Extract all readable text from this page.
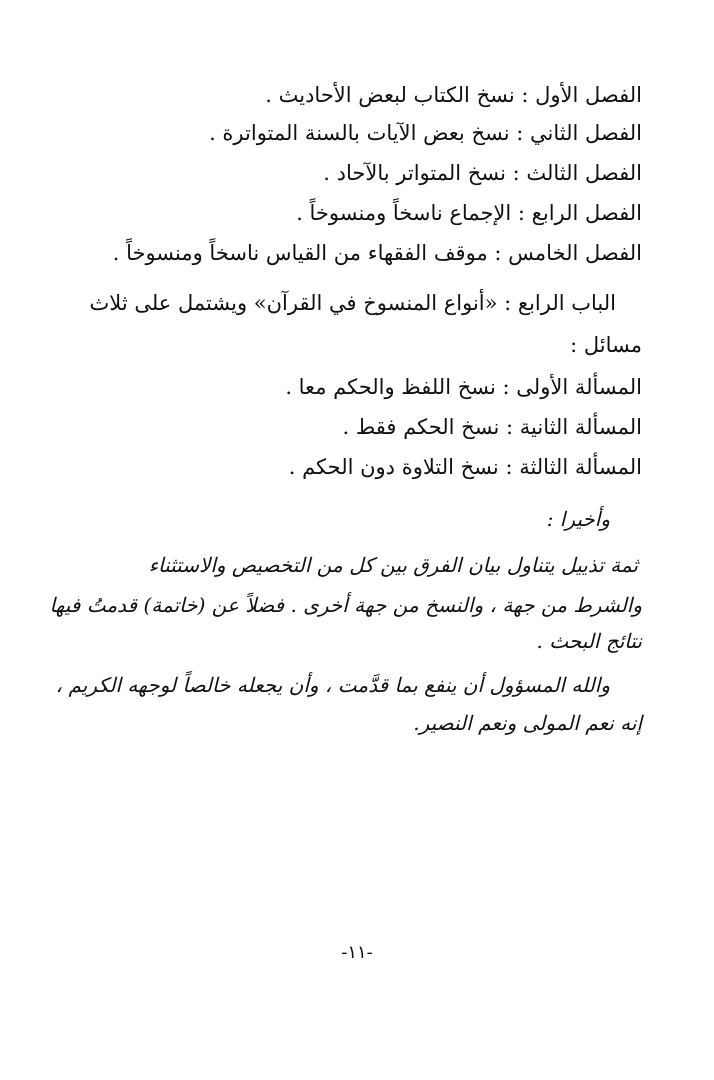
الفصل الأول : نسخ الكتاب لبعض الأحاديث .
الفصل الثاني : نسخ بعض الآيات بالسنة المتواترة .
الفصل الثالث : نسخ المتواتر بالآحاد .
الفصل الرابع : الإجماع ناسخاً ومنسوخاً .
الفصل الخامس : موقف الفقهاء من القياس ناسخاً ومنسوخاً .
الباب الرابع : «أنواع المنسوخ في القرآن» ويشتمل على ثلاث
مسائل :
المسألة الأولى : نسخ اللفظ والحكم معا .
المسألة الثانية : نسخ الحكم فقط .
المسألة الثالثة : نسخ التلاوة دون الحكم .
وأخيرا :
ثمة تذييل يتناول بيان الفرق بين كل من التخصيص والاستثناء
والشرط من جهة ، والنسخ من جهة أخرى . فضلاً عن (خاتمة) قدمتُ فيها
نتائج البحث .
والله المسؤول أن ينفع بما قدَّمت ، وأن يجعله خالصاً لوجهه الكريم ،
إنه نعم المولى ونعم النصير.
-١١-
